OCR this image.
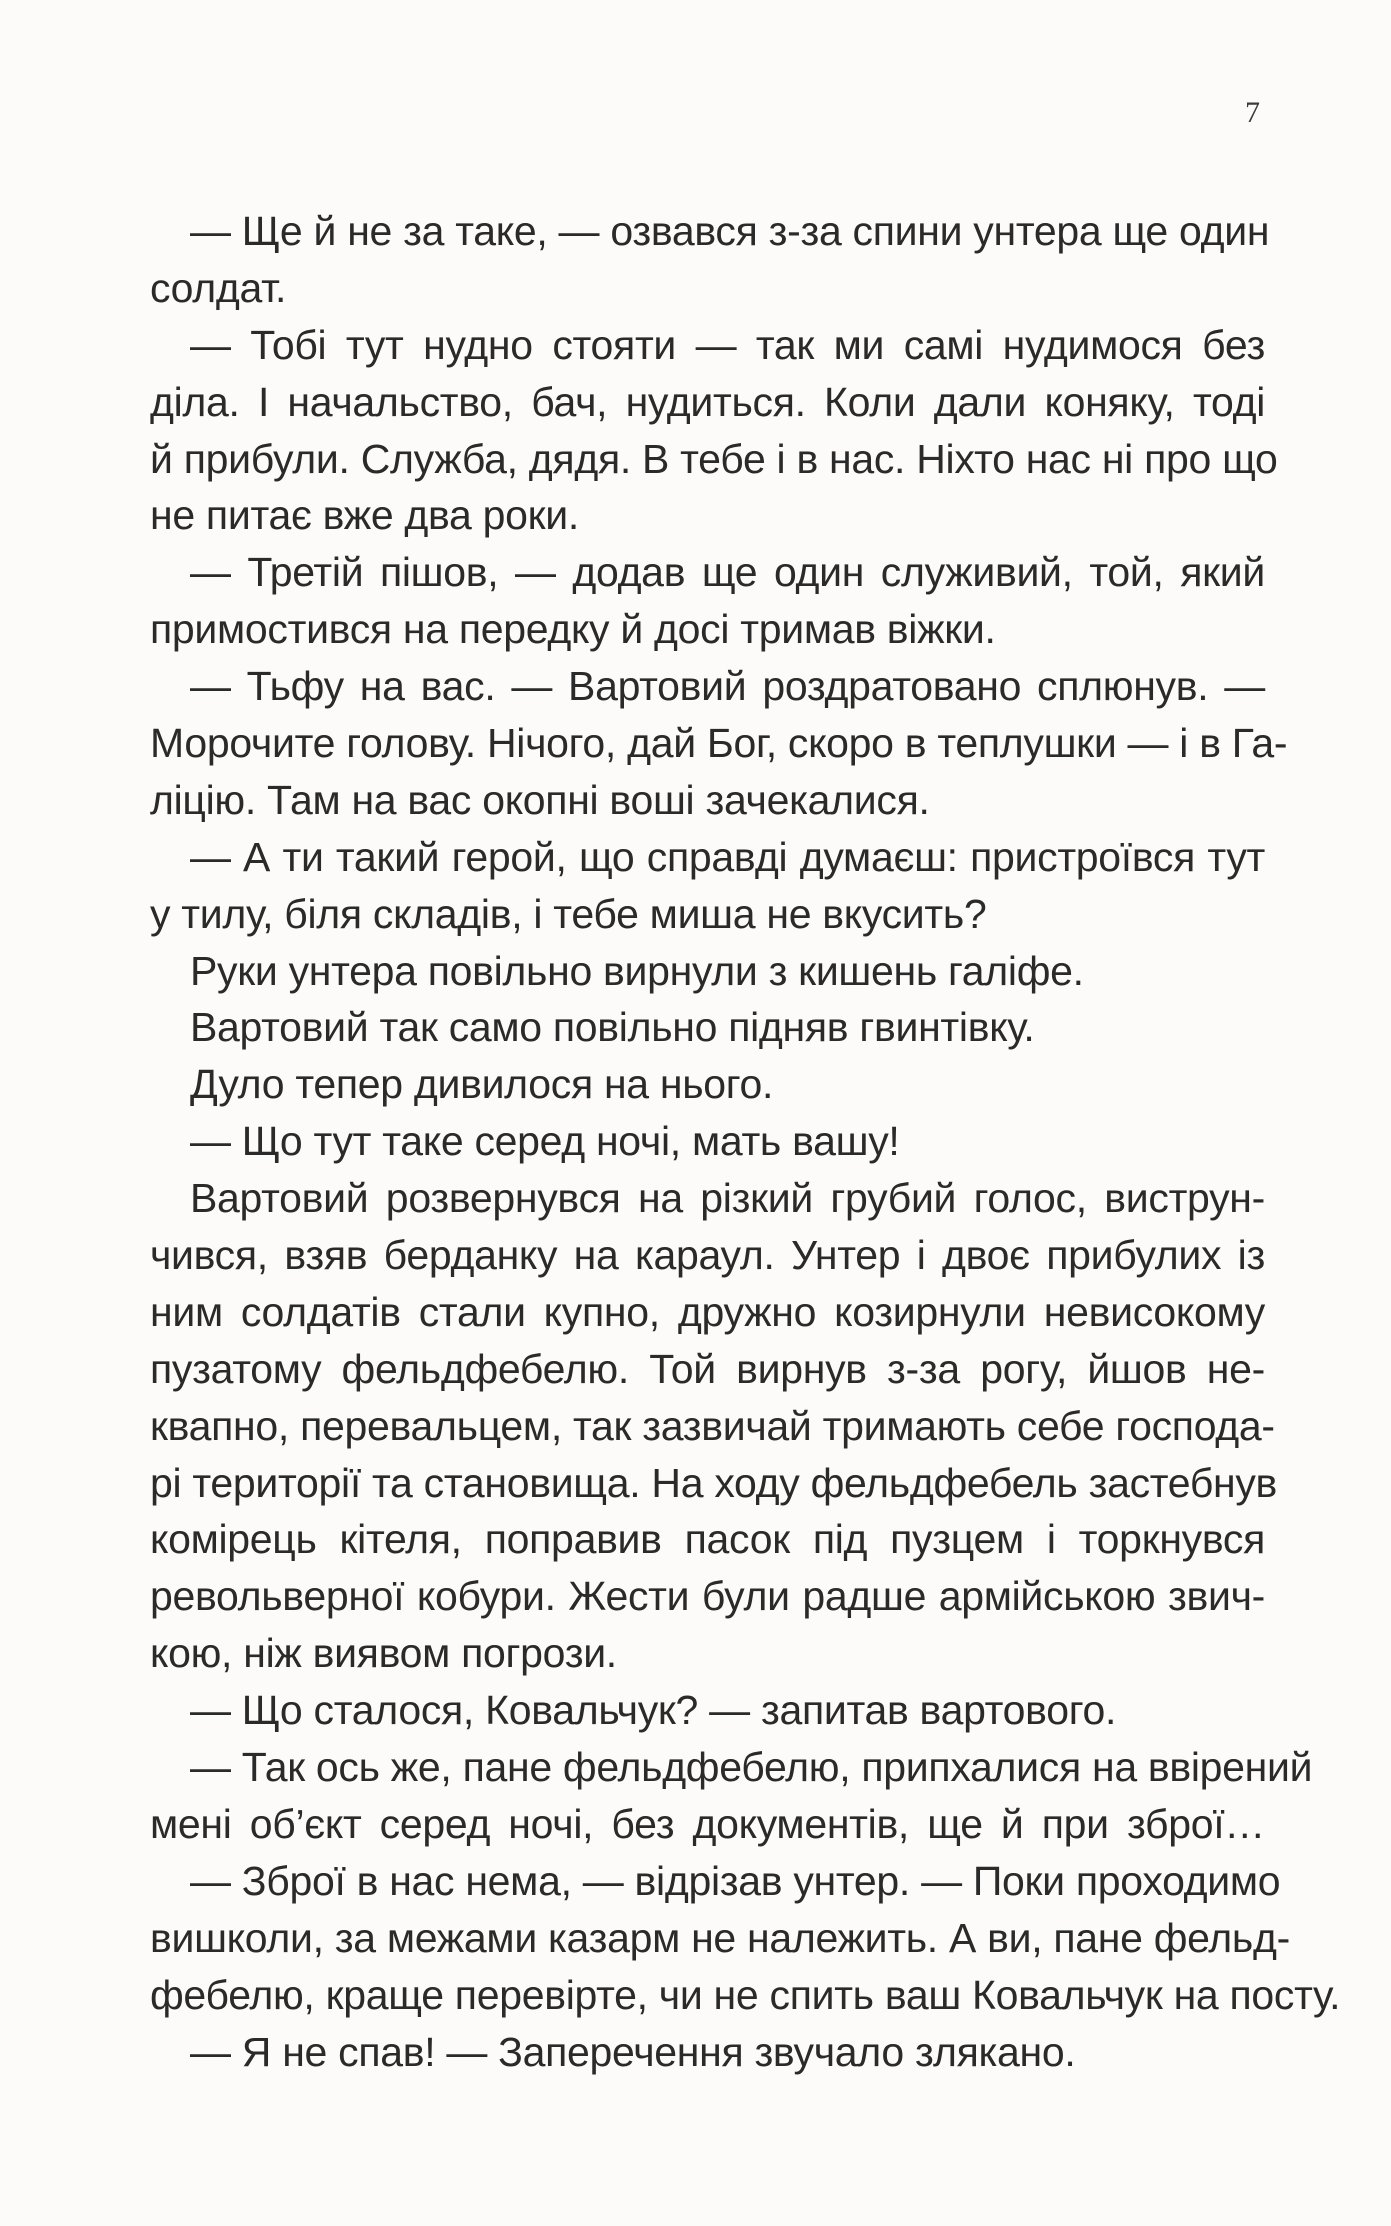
7
— Ще й не за таке, — озвався з-за спини унтера ще один
солдат.
— Тобі тут нудно стояти — так ми самі нудимося без
діла. І начальство, бач, нудиться. Коли дали коняку, тоді
й прибули. Служба, дядя. В тебе і в нас. Ніхто нас ні про що
не питає вже два роки.
— Третій пішов, — додав ще один служивий, той, який
примостився на передку й досі тримав віжки.
— Тьфу на вас. — Вартовий роздратовано сплюнув. —
Морочите голову. Нічого, дай Бог, скоро в теплушки — і в Га-
ліцію. Там на вас окопні воші зачекалися.
— А ти такий герой, що справді думаєш: пристроївся тут
у тилу, біля складів, і тебе миша не вкусить?
Руки унтера повільно вирнули з кишень галіфе.
Вартовий так само повільно підняв гвинтівку.
Дуло тепер дивилося на нього.
— Що тут таке серед ночі, мать вашу!
Вартовий розвернувся на різкий грубий голос, виструн-
чився, взяв берданку на караул. Унтер і двоє прибулих із
ним солдатів стали купно, дружно козирнули невисокому
пузатому фельдфебелю. Той вирнув з-за рогу, йшов не-
квапно, перевальцем, так зазвичай тримають себе господа-
рі території та становища. На ходу фельдфебель застебнув
комірець кітеля, поправив пасок під пузцем і торкнувся
револьверної кобури. Жести були радше армійською звич-
кою, ніж виявом погрози.
— Що сталося, Ковальчук? — запитав вартового.
— Так ось же, пане фельдфебелю, припхалися на ввірений
мені об’єкт серед ночі, без документів, ще й при зброї…
— Зброї в нас нема, — відрізав унтер. — Поки проходимо
вишколи, за межами казарм не належить. А ви, пане фельд-
фебелю, краще перевірте, чи не спить ваш Ковальчук на посту.
— Я не спав! — Заперечення звучало злякано.
